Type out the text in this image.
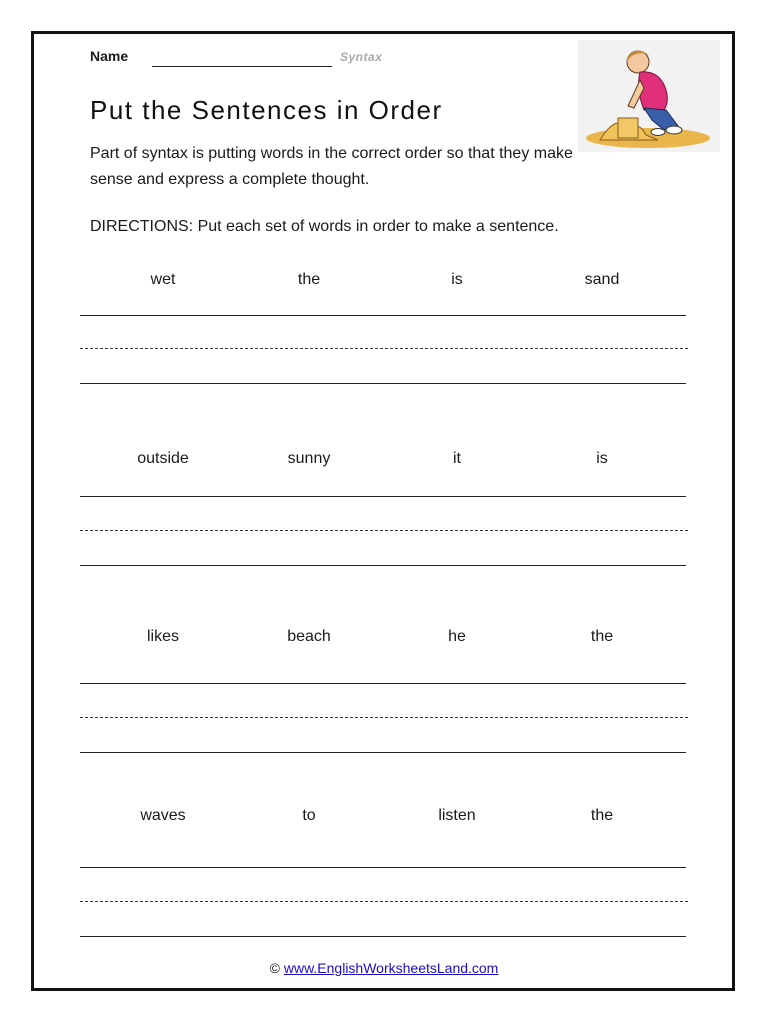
Name	Syntax
Put the Sentences in Order
Part of syntax is putting words in the correct order so that they make sense and express a complete thought.
DIRECTIONS: Put each set of words in order to make a sentence.
wet	the	is	sand
outside	sunny	it	is
likes	beach	he	the
waves	to	listen	the
© www.EnglishWorksheetsLand.com
